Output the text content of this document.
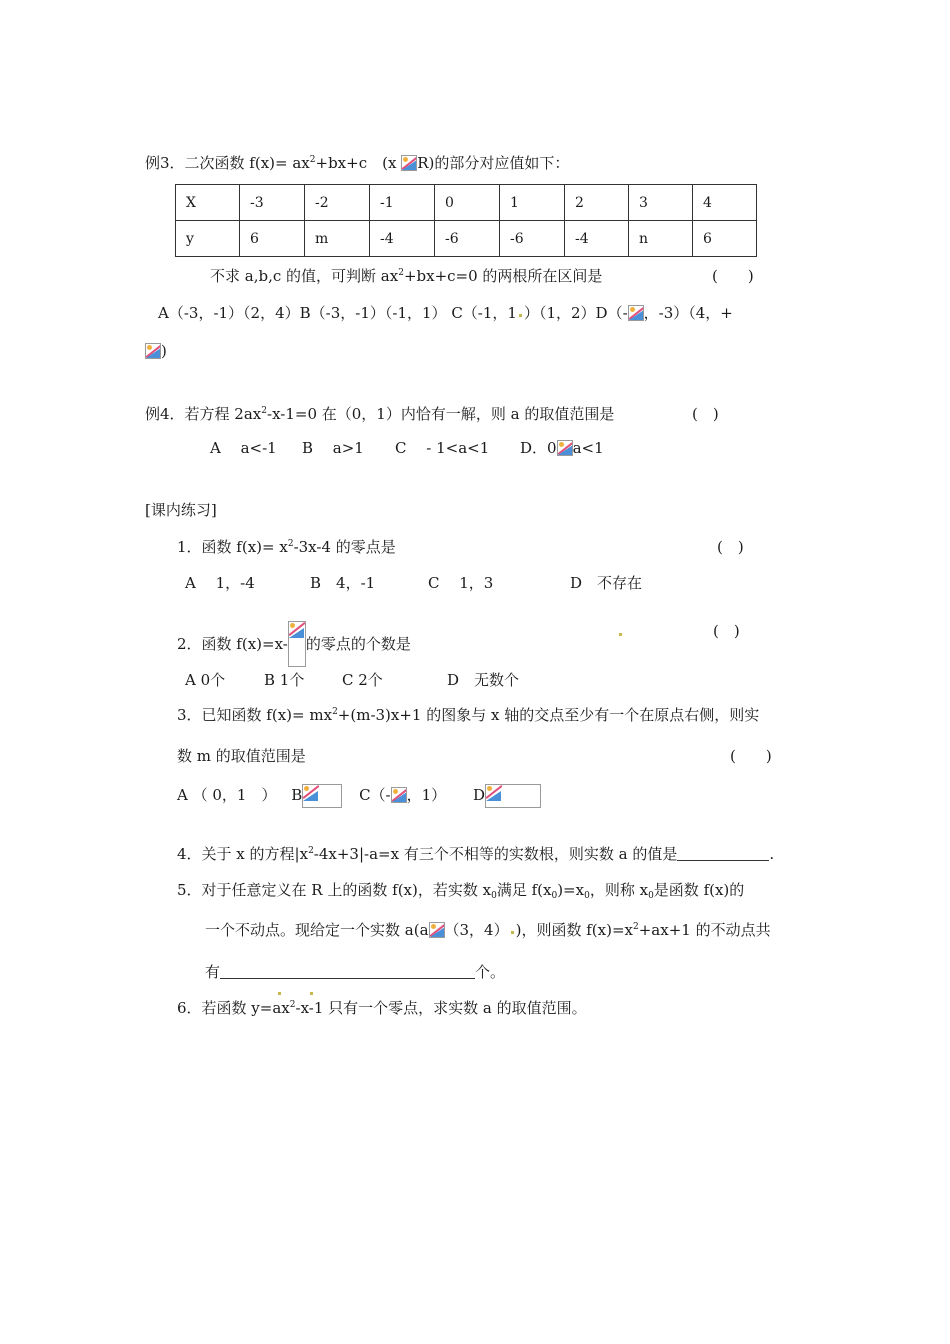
例3．二次函数 $f(x)= ax^2+bx+c$　(x
R)的部分对应值如下：
X	-3	-2	-1	0	1	2	3	4
y	6	m	-4	-6	-6	-4	n	6
不求 a,b,c 的值，可判断 $ax^2+bx+c=0$ 的两根所在区间是	(　　)
A（-3，-1）（2，4）B（-3，-1）（-1，1） C（-1，1 ）（1，2）D（- ，-3）（4，+
)
例4．若方程 $2ax^2-x-1=0$ 在（0，1）内恰有一解，则 a 的取值范围是	(　)
A　 a<-1 B　 a>1 C　 - 1<a<1 D．0 a<1
[课内练习]
1．函数 $f(x)= x^2-3x-4$ 的零点是	(　)
A　 1，-4	B　4，-1	C　 1，3	D　不存在
2．函数 f(x)=x- 的零点的个数是
(　)
A 0个	B 1个	C 2个	D　无数个
3．已知函数 $f(x)= mx^2+(m-3)x+1$ 的图象与 x 轴的交点至少有一个在原点右侧，则实
数 m 的取值范围是	(　　)
A （ 0，1　） B	C（- ，1） D
4．关于 x 的方程$|x^2-4x+3|-a=x$ 有三个不相等的实数根，则实数 a 的值是	.
5．对于任意定义在 R 上的函数 f(x)，若实数 $x_0$满足 $f(x_0)=x_0$，则称 $x_0$是函数 f(x)的
一个不动点。现给定一个实数 a(a （3，4） )，则函数 $f(x)=x^2+ax+1$ 的不动点共
有	个。
6．若函数 $y=ax^2-x-1$ 只有一个零点，求实数 a 的取值范围。
